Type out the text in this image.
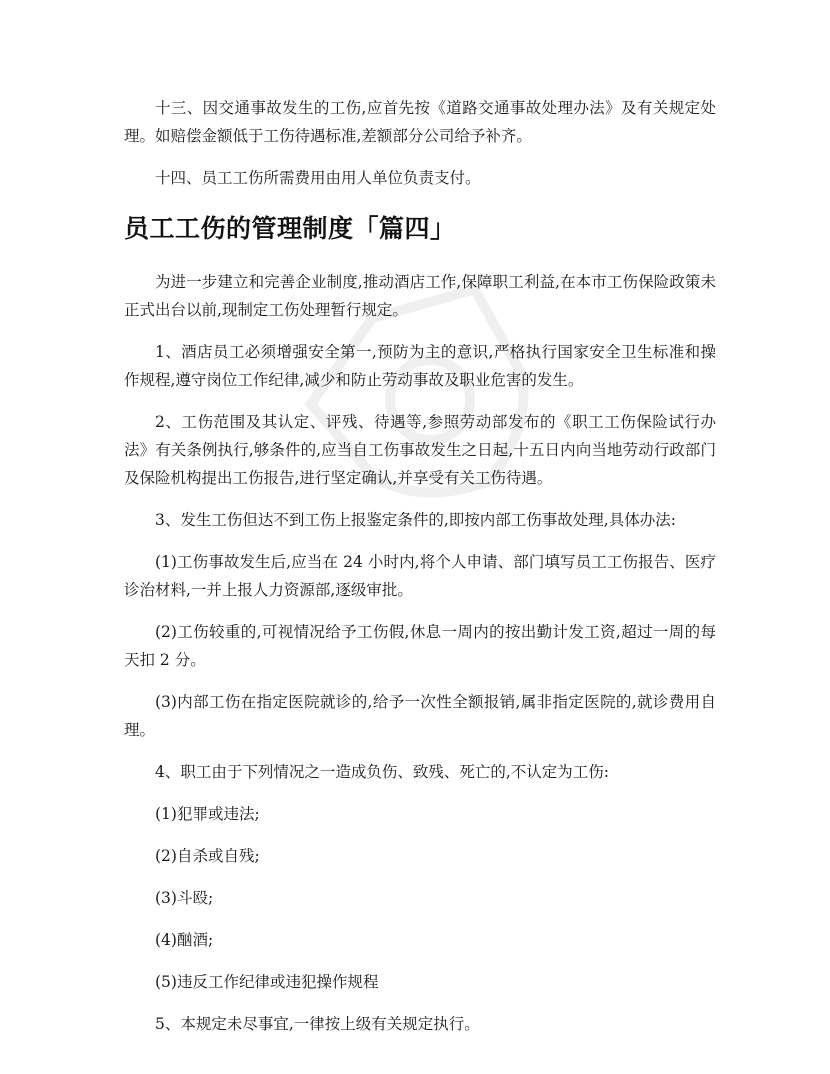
十三、因交通事故发生的工伤,应首先按《道路交通事故处理办法》及有关规定处理。如赔偿金额低于工伤待遇标准,差额部分公司给予补齐。

十四、员工工伤所需费用由用人单位负责支付。

员工工伤的管理制度「篇四」

为进一步建立和完善企业制度,推动酒店工作,保障职工利益,在本市工伤保险政策未正式出台以前,现制定工伤处理暂行规定。

1、酒店员工必须增强安全第一,预防为主的意识,严格执行国家安全卫生标准和操作规程,遵守岗位工作纪律,减少和防止劳动事故及职业危害的发生。

2、工伤范围及其认定、评残、待遇等,参照劳动部发布的《职工工伤保险试行办法》有关条例执行,够条件的,应当自工伤事故发生之日起,十五日内向当地劳动行政部门及保险机构提出工伤报告,进行坚定确认,并享受有关工伤待遇。

3、发生工伤但达不到工伤上报鉴定条件的,即按内部工伤事故处理,具体办法:

(1)工伤事故发生后,应当在 24 小时内,将个人申请、部门填写员工工伤报告、医疗诊治材料,一并上报人力资源部,逐级审批。

(2)工伤较重的,可视情况给予工伤假,休息一周内的按出勤计发工资,超过一周的每天扣 2 分。

(3)内部工伤在指定医院就诊的,给予一次性全额报销,属非指定医院的,就诊费用自理。

4、职工由于下列情况之一造成负伤、致残、死亡的,不认定为工伤:

(1)犯罪或违法;

(2)自杀或自残;

(3)斗殴;

(4)酗酒;

(5)违反工作纪律或违犯操作规程

5、本规定未尽事宜,一律按上级有关规定执行。
